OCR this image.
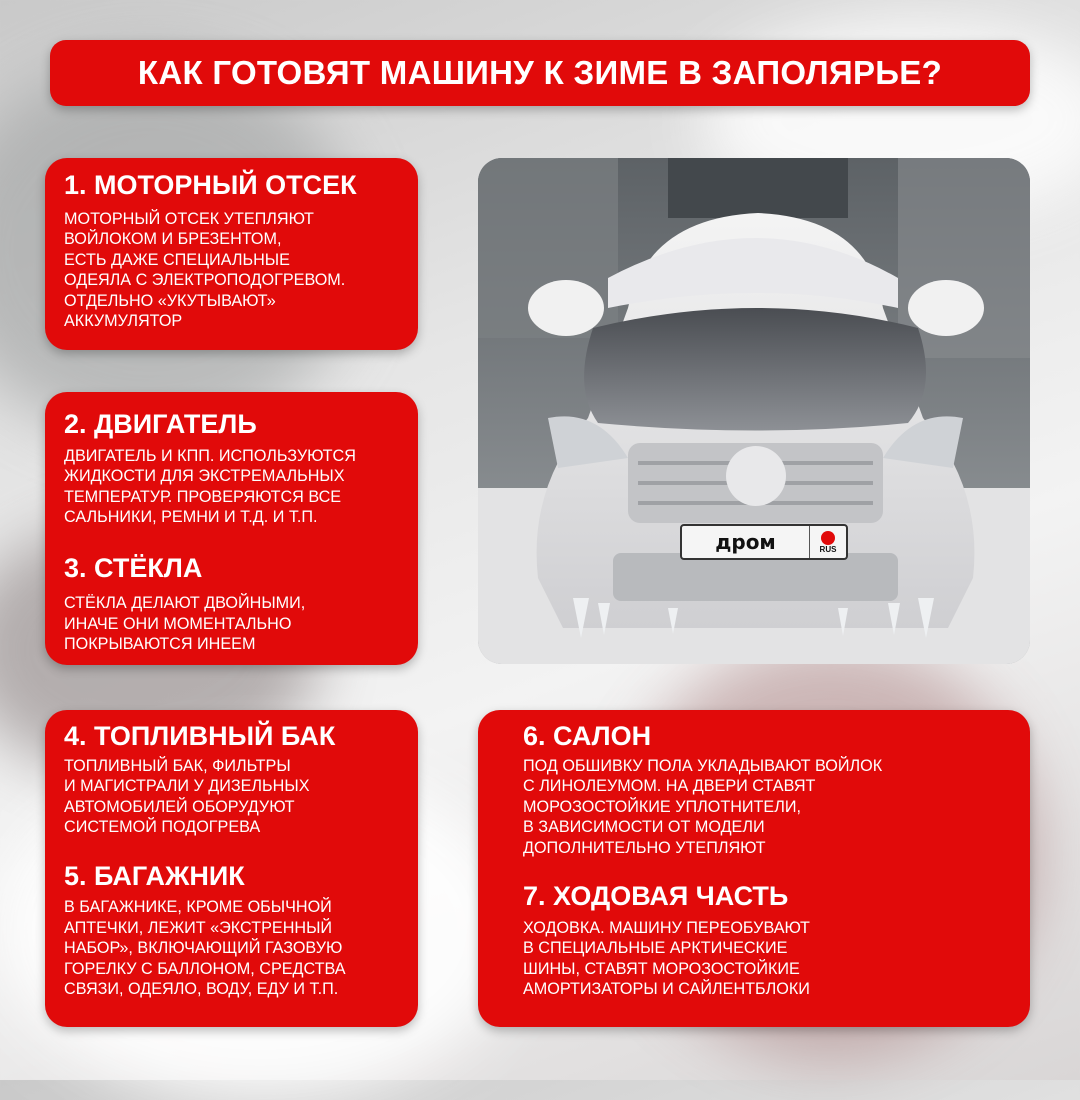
КАК ГОТОВЯТ МАШИНУ К ЗИМЕ В ЗАПОЛЯРЬЕ?
1. МОТОРНЫЙ ОТСЕК

МОТОРНЫЙ ОТСЕК УТЕПЛЯЮТ
ВОЙЛОКОМ И БРЕЗЕНТОМ,
ЕСТЬ ДАЖЕ СПЕЦИАЛЬНЫЕ
ОДЕЯЛА С ЭЛЕКТРОПОДОГРЕВОМ.
ОТДЕЛЬНО «УКУТЫВАЮТ»
АККУМУЛЯТОР

2. ДВИГАТЕЛЬ

ДВИГАТЕЛЬ И КПП. ИСПОЛЬЗУЮТСЯ
ЖИДКОСТИ ДЛЯ ЭКСТРЕМАЛЬНЫХ
ТЕМПЕРАТУР. ПРОВЕРЯЮТСЯ ВСЕ
САЛЬНИКИ, РЕМНИ И Т.Д. И Т.П.

3. СТЁКЛА

СТЁКЛА ДЕЛАЮТ ДВОЙНЫМИ,
ИНАЧЕ ОНИ МОМЕНТАЛЬНО
ПОКРЫВАЮТСЯ ИНЕЕМ

дром	RUS
4. ТОПЛИВНЫЙ БАК

ТОПЛИВНЫЙ БАК, ФИЛЬТРЫ
И МАГИСТРАЛИ У ДИЗЕЛЬНЫХ
АВТОМОБИЛЕЙ ОБОРУДУЮТ
СИСТЕМОЙ ПОДОГРЕВА

5. БАГАЖНИК

В БАГАЖНИКЕ, КРОМЕ ОБЫЧНОЙ
АПТЕЧКИ, ЛЕЖИТ «ЭКСТРЕННЫЙ
НАБОР», ВКЛЮЧАЮЩИЙ ГАЗОВУЮ
ГОРЕЛКУ С БАЛЛОНОМ, СРЕДСТВА
СВЯЗИ, ОДЕЯЛО, ВОДУ, ЕДУ И Т.П.

6. САЛОН

ПОД ОБШИВКУ ПОЛА УКЛАДЫВАЮТ ВОЙЛОК
С ЛИНОЛЕУМОМ. НА ДВЕРИ СТАВЯТ
МОРОЗОСТОЙКИЕ УПЛОТНИТЕЛИ,
В ЗАВИСИМОСТИ ОТ МОДЕЛИ
ДОПОЛНИТЕЛЬНО УТЕПЛЯЮТ

7. ХОДОВАЯ ЧАСТЬ

ХОДОВКА. МАШИНУ ПЕРЕОБУВАЮТ
В СПЕЦИАЛЬНЫЕ АРКТИЧЕСКИЕ
ШИНЫ, СТАВЯТ МОРОЗОСТОЙКИЕ
АМОРТИЗАТОРЫ И САЙЛЕНТБЛОКИ
